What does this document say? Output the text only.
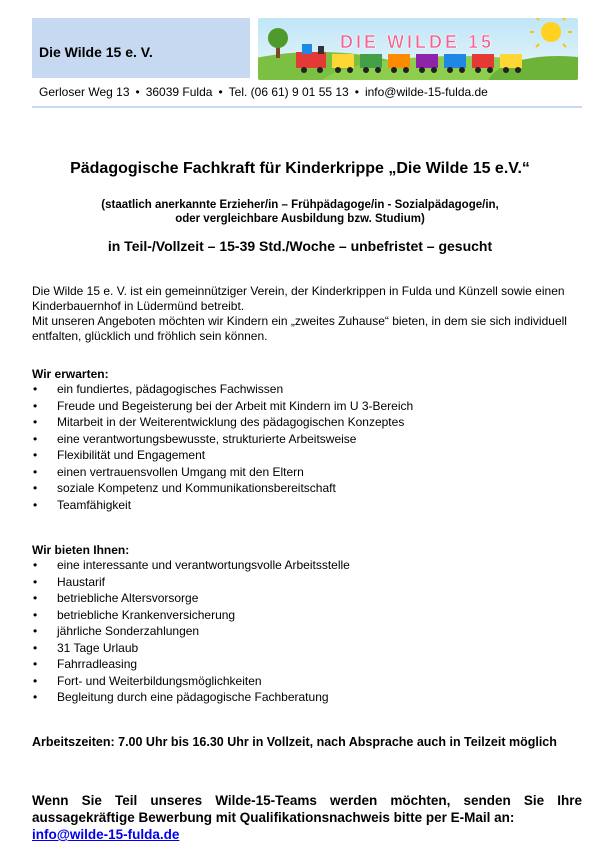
Die Wilde 15 e. V.	DIE WILDE 15
Gerloser Weg 13 • 36039 Fulda • Tel. (06 61) 9 01 55 13 • info@wilde-15-fulda.de
Pädagogische Fachkraft für Kinderkrippe „Die Wilde 15 e.V.“
(staatlich anerkannte Erzieher/in – Frühpädagoge/in - Sozialpädagoge/in,
oder vergleichbare Ausbildung bzw. Studium)
in Teil-/Vollzeit – 15-39 Std./Woche – unbefristet – gesucht
Die Wilde 15 e. V. ist ein gemeinnütziger Verein, der Kinderkrippen in Fulda und Künzell sowie einen
Kinderbauernhof in Lüdermünd betreibt.
Mit unseren Angeboten möchten wir Kindern ein „zweites Zuhause“ bieten, in dem sie sich individuell
entfalten, glücklich und fröhlich sein können.
Wir erwarten:
• ein fundiertes, pädagogisches Fachwissen
• Freude und Begeisterung bei der Arbeit mit Kindern im U 3-Bereich
• Mitarbeit in der Weiterentwicklung des pädagogischen Konzeptes
• eine verantwortungsbewusste, strukturierte Arbeitsweise
• Flexibilität und Engagement
• einen vertrauensvollen Umgang mit den Eltern
• soziale Kompetenz und Kommunikationsbereitschaft
• Teamfähigkeit
Wir bieten Ihnen:
• eine interessante und verantwortungsvolle Arbeitsstelle
• Haustarif
• betriebliche Altersvorsorge
• betriebliche Krankenversicherung
• jährliche Sonderzahlungen
• 31 Tage Urlaub
• Fahrradleasing
• Fort- und Weiterbildungsmöglichkeiten
• Begleitung durch eine pädagogische Fachberatung
Arbeitszeiten: 7.00 Uhr bis 16.30 Uhr in Vollzeit, nach Absprache auch in Teilzeit möglich
Wenn Sie Teil unseres Wilde-15-Teams werden möchten, senden Sie Ihre aussagekräftige Bewerbung mit Qualifikationsnachweis bitte per E-Mail an:
info@wilde-15-fulda.de
